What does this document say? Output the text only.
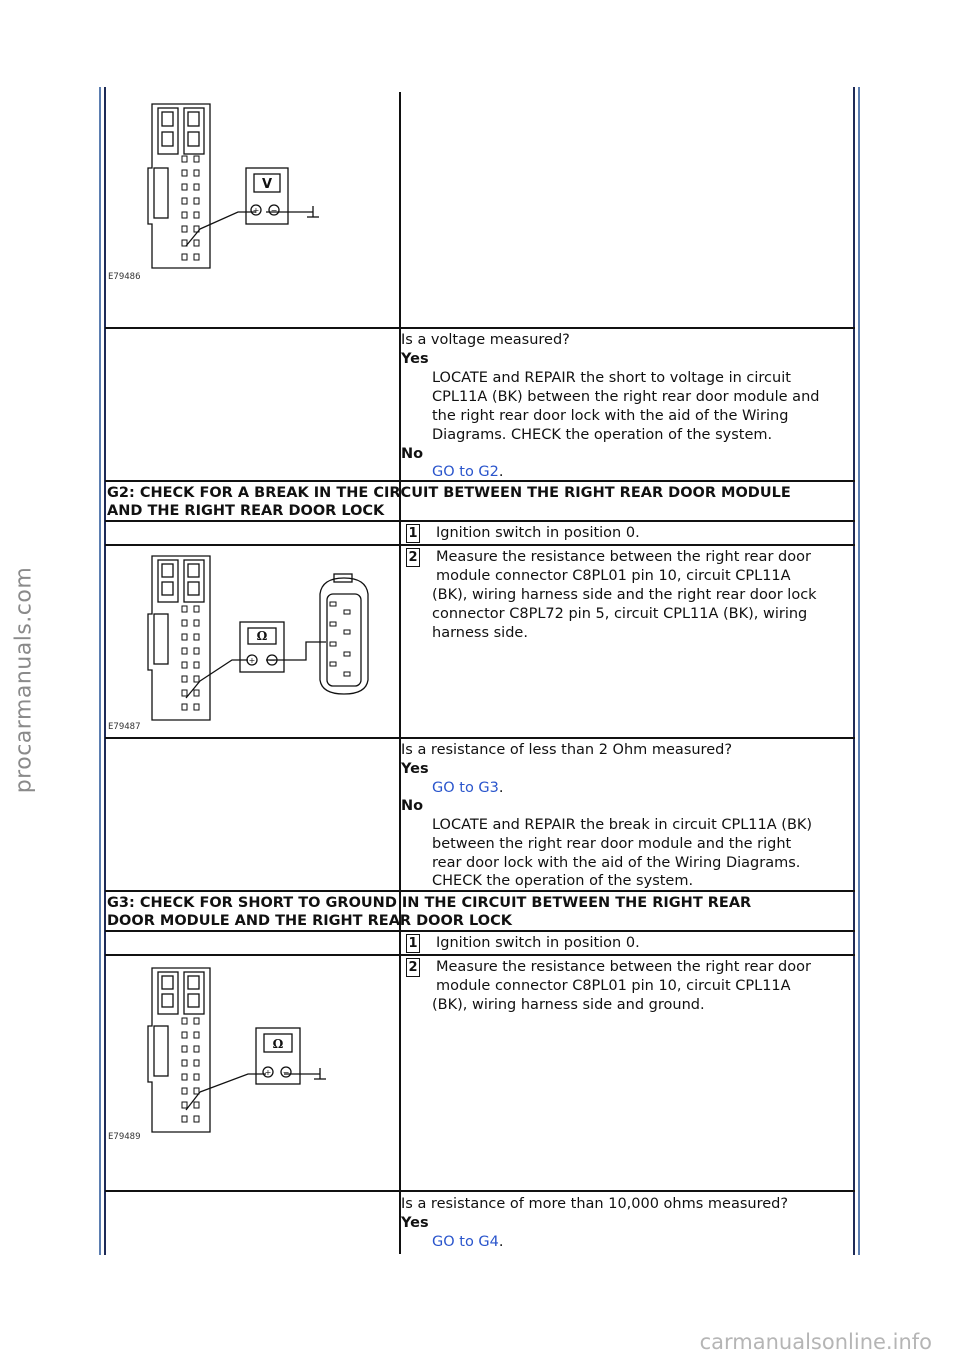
procarmanuals.com
carmanualsonline.info
V
+ −
E79486
Is a voltage measured?
Yes
LOCATE and REPAIR the short to voltage in circuit
CPL11A (BK) between the right rear door module and
the right rear door lock with the aid of the Wiring
Diagrams. CHECK the operation of the system.
No
GO to G2.
G2: CHECK FOR A BREAK IN THE CIRCUIT BETWEEN THE RIGHT REAR DOOR MODULE
AND THE RIGHT REAR DOOR LOCK
1 Ignition switch in position 0.
2 Measure the resistance between the right rear door
module connector C8PL01 pin 10, circuit CPL11A
(BK), wiring harness side and the right rear door lock
connector C8PL72 pin 5, circuit CPL11A (BK), wiring
harness side.
Ω
+ −
E79487
Is a resistance of less than 2 Ohm measured?
Yes
GO to G3.
No
LOCATE and REPAIR the break in circuit CPL11A (BK)
between the right rear door module and the right
rear door lock with the aid of the Wiring Diagrams.
CHECK the operation of the system.
G3: CHECK FOR SHORT TO GROUND IN THE CIRCUIT BETWEEN THE RIGHT REAR
DOOR MODULE AND THE RIGHT REAR DOOR LOCK
1 Ignition switch in position 0.
2 Measure the resistance between the right rear door
module connector C8PL01 pin 10, circuit CPL11A
(BK), wiring harness side and ground.
Ω
+ −
E79489
Is a resistance of more than 10,000 ohms measured?
Yes
GO to G4.
